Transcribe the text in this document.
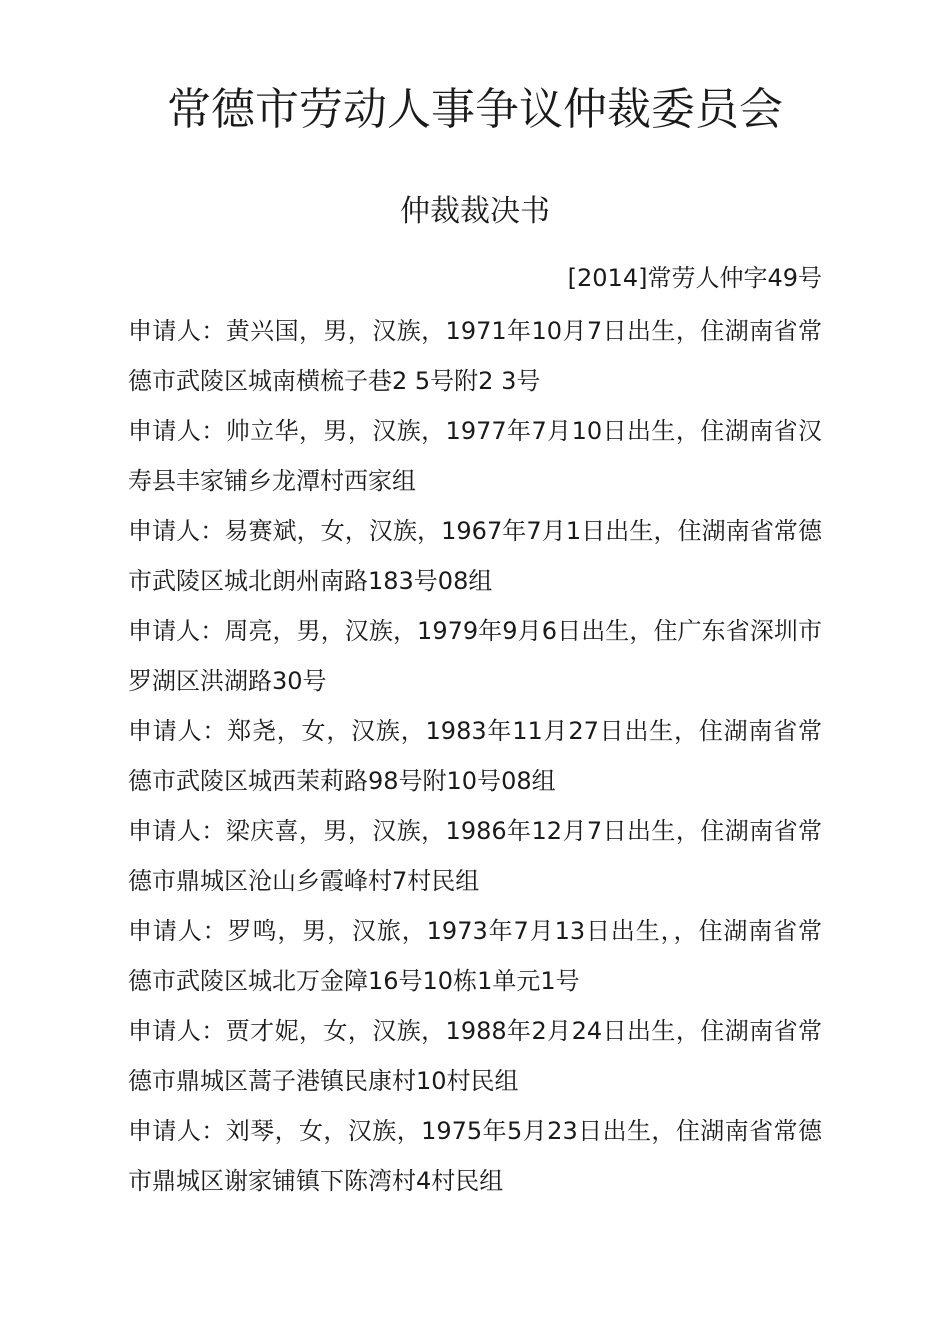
常德市劳动人事争议仲裁委员会
仲裁裁决书
[2014]常劳人仲字49号
申请人：黄兴国，男，汉族，1971年10月7日出生，住湖南省常德市武陵区城南横梳子巷2 5号附2 3号
申请人：帅立华，男，汉族，1977年7月10日出生，住湖南省汉寿县丰家铺乡龙潭村西家组
申请人：易赛斌，女，汉族，1967年7月1日出生，住湖南省常德市武陵区城北朗州南路183号08组
申请人：周亮，男，汉族，1979年9月6日出生，住广东省深圳市罗湖区洪湖路30号
申请人：郑尧，女，汉族，1983年11月27日出生，住湖南省常德市武陵区城西茉莉路98号附10号08组
申请人：梁庆喜，男，汉族，1986年12月7日出生，住湖南省常德市鼎城区沧山乡霞峰村7村民组
申请人：罗鸣，男，汉旅，1973年7月13日出生，，住湖南省常德市武陵区城北万金障16号10栋1单元1号
申请人：贾才妮，女，汉族，1988年2月24日出生，住湖南省常德市鼎城区蒿子港镇民康村10村民组
申请人：刘琴，女，汉族，1975年5月23日出生，住湖南省常德市鼎城区谢家铺镇下陈湾村4村民组
